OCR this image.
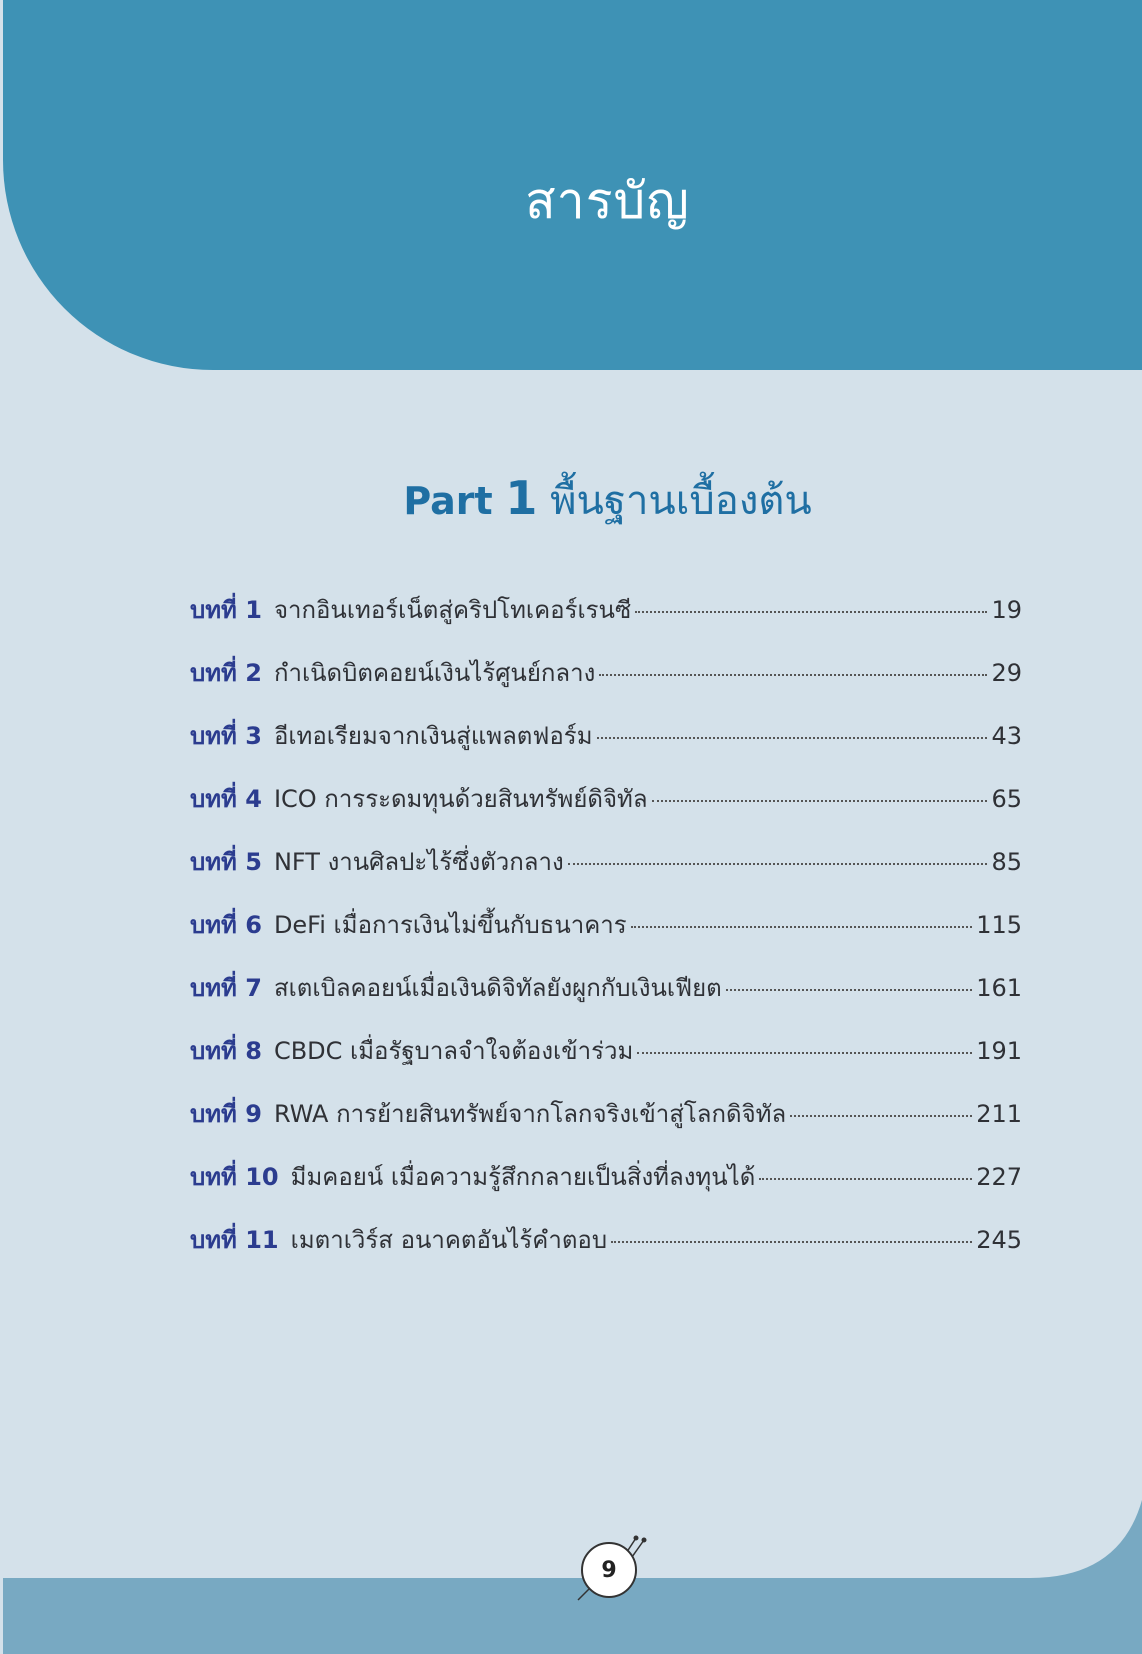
สารบัญ
Part 1 พื้นฐานเบื้องต้น
บทที่ 1 จากอินเทอร์เน็ตสู่คริปโทเคอร์เรนซี	19
บทที่ 2 กำเนิดบิตคอยน์เงินไร้ศูนย์กลาง	29
บทที่ 3 อีเทอเรียมจากเงินสู่แพลตฟอร์ม	43
บทที่ 4 ICO การระดมทุนด้วยสินทรัพย์ดิจิทัล	65
บทที่ 5 NFT งานศิลปะไร้ซึ่งตัวกลาง	85
บทที่ 6 DeFi เมื่อการเงินไม่ขึ้นกับธนาคาร	115
บทที่ 7 สเตเบิลคอยน์เมื่อเงินดิจิทัลยังผูกกับเงินเฟียต	161
บทที่ 8 CBDC เมื่อรัฐบาลจำใจต้องเข้าร่วม	191
บทที่ 9 RWA การย้ายสินทรัพย์จากโลกจริงเข้าสู่โลกดิจิทัล	211
บทที่ 10 มีมคอยน์ เมื่อความรู้สึกกลายเป็นสิ่งที่ลงทุนได้	227
บทที่ 11 เมตาเวิร์ส อนาคตอันไร้คำตอบ	245
9
